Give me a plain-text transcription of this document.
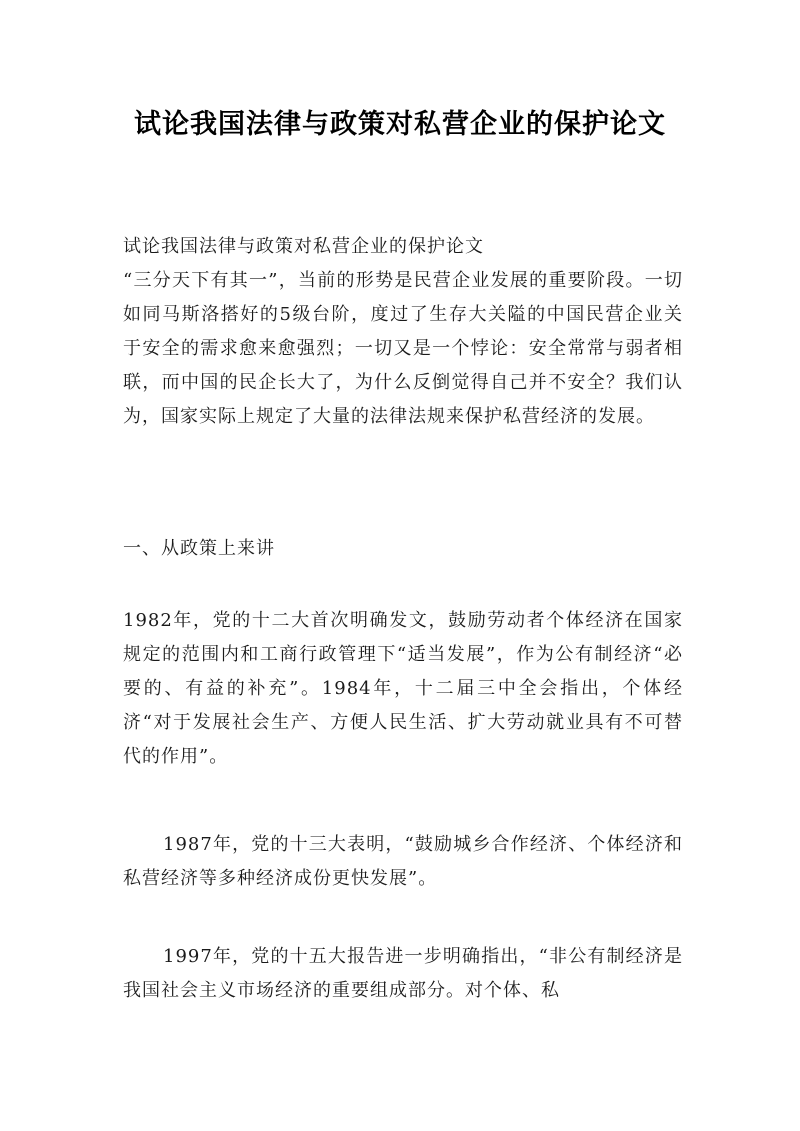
试论我国法律与政策对私营企业的保护论文

试论我国法律与政策对私营企业的保护论文

“三分天下有其一”，当前的形势是民营企业发展的重要阶段。一切如同马斯洛搭好的5级台阶，度过了生存大关隘的中国民营企业关于安全的需求愈来愈强烈；一切又是一个悖论：安全常常与弱者相联，而中国的民企长大了，为什么反倒觉得自己并不安全？我们认为，国家实际上规定了大量的法律法规来保护私营经济的发展。

一、从政策上来讲

1982年，党的十二大首次明确发文，鼓励劳动者个体经济在国家规定的范围内和工商行政管理下“适当发展”，作为公有制经济“必要的、有益的补充”。1984年，十二届三中全会指出，个体经济“对于发展社会生产、方便人民生活、扩大劳动就业具有不可替代的作用”。

1987年，党的十三大表明，“鼓励城乡合作经济、个体经济和私营经济等多种经济成份更快发展”。

1997年，党的十五大报告进一步明确指出，“非公有制经济是我国社会主义市场经济的重要组成部分。对个体、私
